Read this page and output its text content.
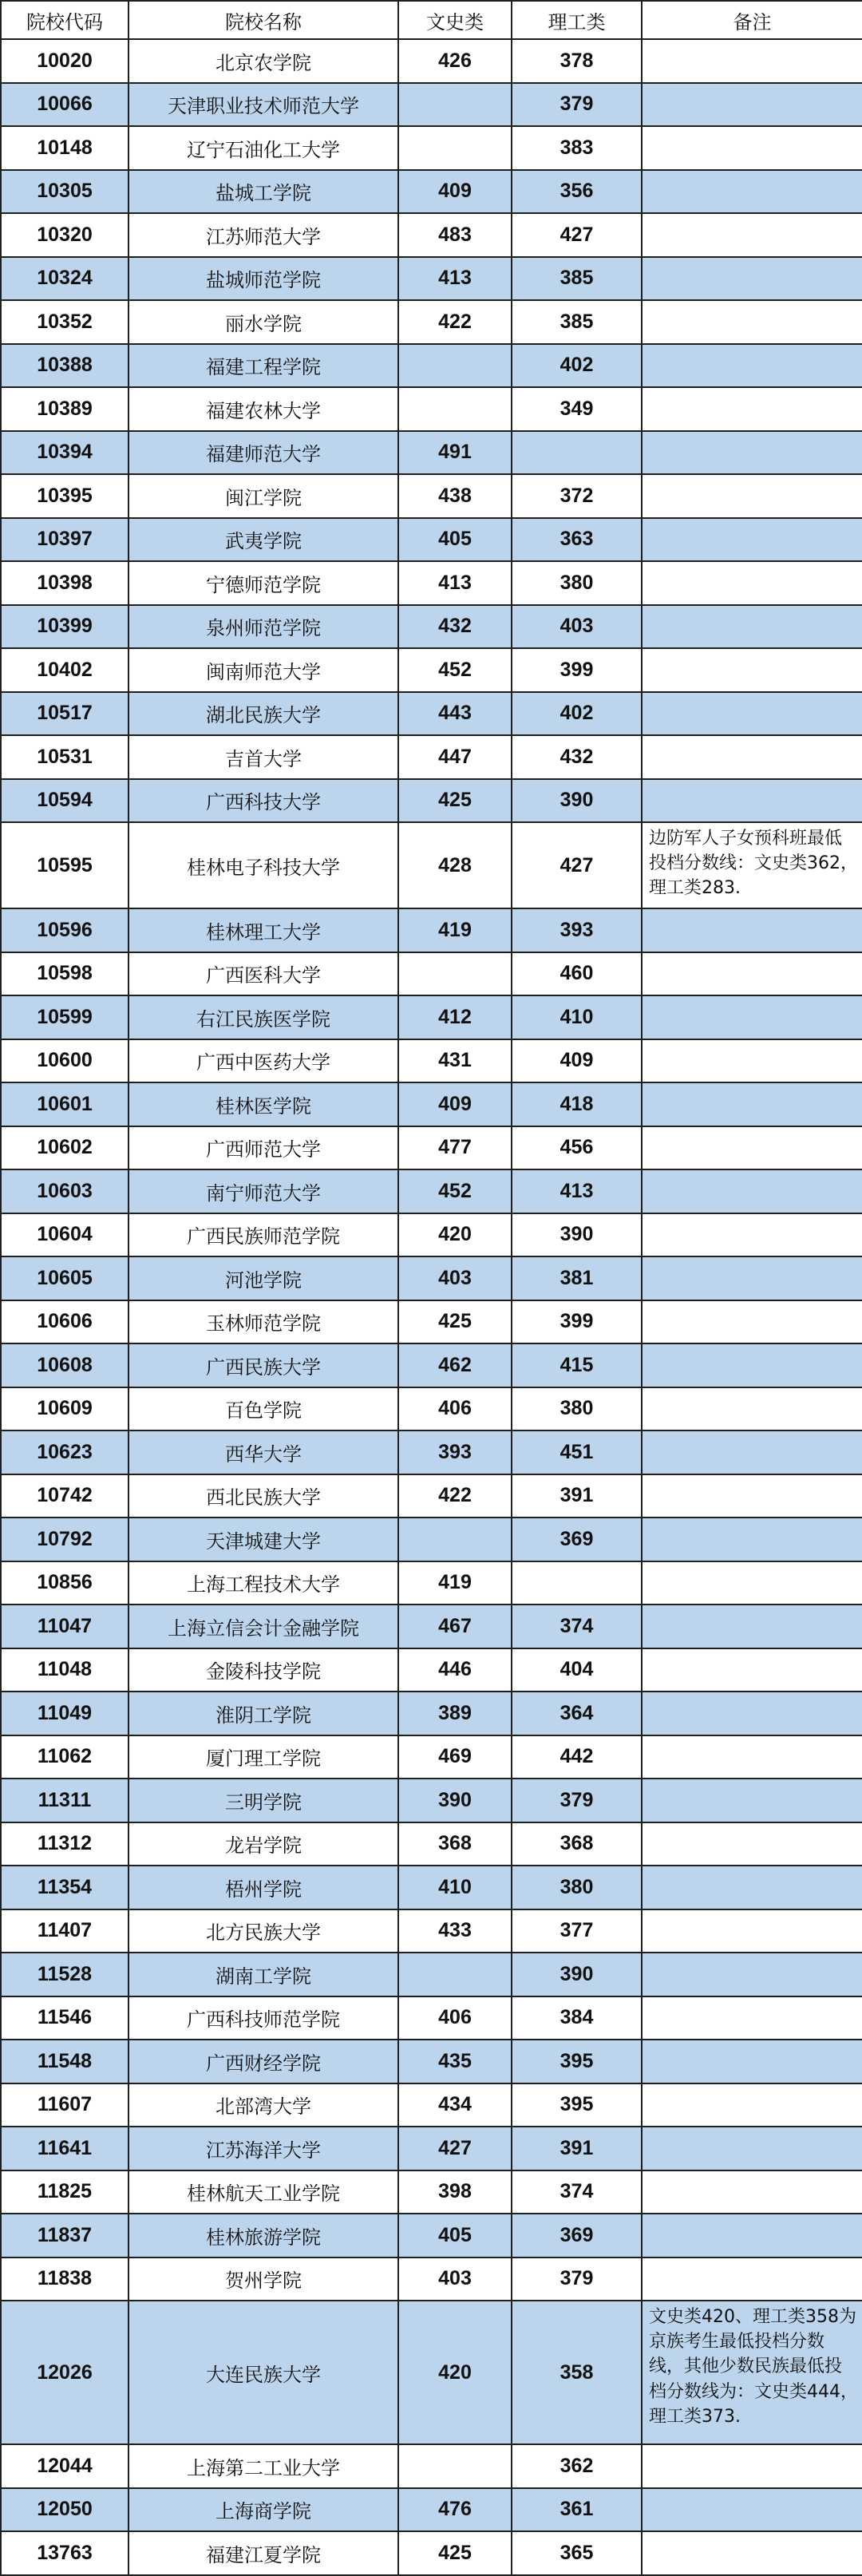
院校代码	院校名称	文史类	理工类	备注
10020	北京农学院	426	378	
10066	天津职业技术师范大学		379	
10148	辽宁石油化工大学		383	
10305	盐城工学院	409	356	
10320	江苏师范大学	483	427	
10324	盐城师范学院	413	385	
10352	丽水学院	422	385	
10388	福建工程学院		402	
10389	福建农林大学		349	
10394	福建师范大学	491		
10395	闽江学院	438	372	
10397	武夷学院	405	363	
10398	宁德师范学院	413	380	
10399	泉州师范学院	432	403	
10402	闽南师范大学	452	399	
10517	湖北民族大学	443	402	
10531	吉首大学	447	432	
10594	广西科技大学	425	390	
10595	桂林电子科技大学	428	427	边防军人子女预科班最低投档分数线：文史类362，理工类283.
10596	桂林理工大学	419	393	
10598	广西医科大学		460	
10599	右江民族医学院	412	410	
10600	广西中医药大学	431	409	
10601	桂林医学院	409	418	
10602	广西师范大学	477	456	
10603	南宁师范大学	452	413	
10604	广西民族师范学院	420	390	
10605	河池学院	403	381	
10606	玉林师范学院	425	399	
10608	广西民族大学	462	415	
10609	百色学院	406	380	
10623	西华大学	393	451	
10742	西北民族大学	422	391	
10792	天津城建大学		369	
10856	上海工程技术大学	419		
11047	上海立信会计金融学院	467	374	
11048	金陵科技学院	446	404	
11049	淮阴工学院	389	364	
11062	厦门理工学院	469	442	
11311	三明学院	390	379	
11312	龙岩学院	368	368	
11354	梧州学院	410	380	
11407	北方民族大学	433	377	
11528	湖南工学院		390	
11546	广西科技师范学院	406	384	
11548	广西财经学院	435	395	
11607	北部湾大学	434	395	
11641	江苏海洋大学	427	391	
11825	桂林航天工业学院	398	374	
11837	桂林旅游学院	405	369	
11838	贺州学院	403	379	
12026	大连民族大学	420	358	文史类420、理工类358为京族考生最低投档分数线，其他少数民族最低投档分数线为：文史类444，理工类373.
12044	上海第二工业大学		362	
12050	上海商学院	476	361	
13763	福建江夏学院	425	365	
